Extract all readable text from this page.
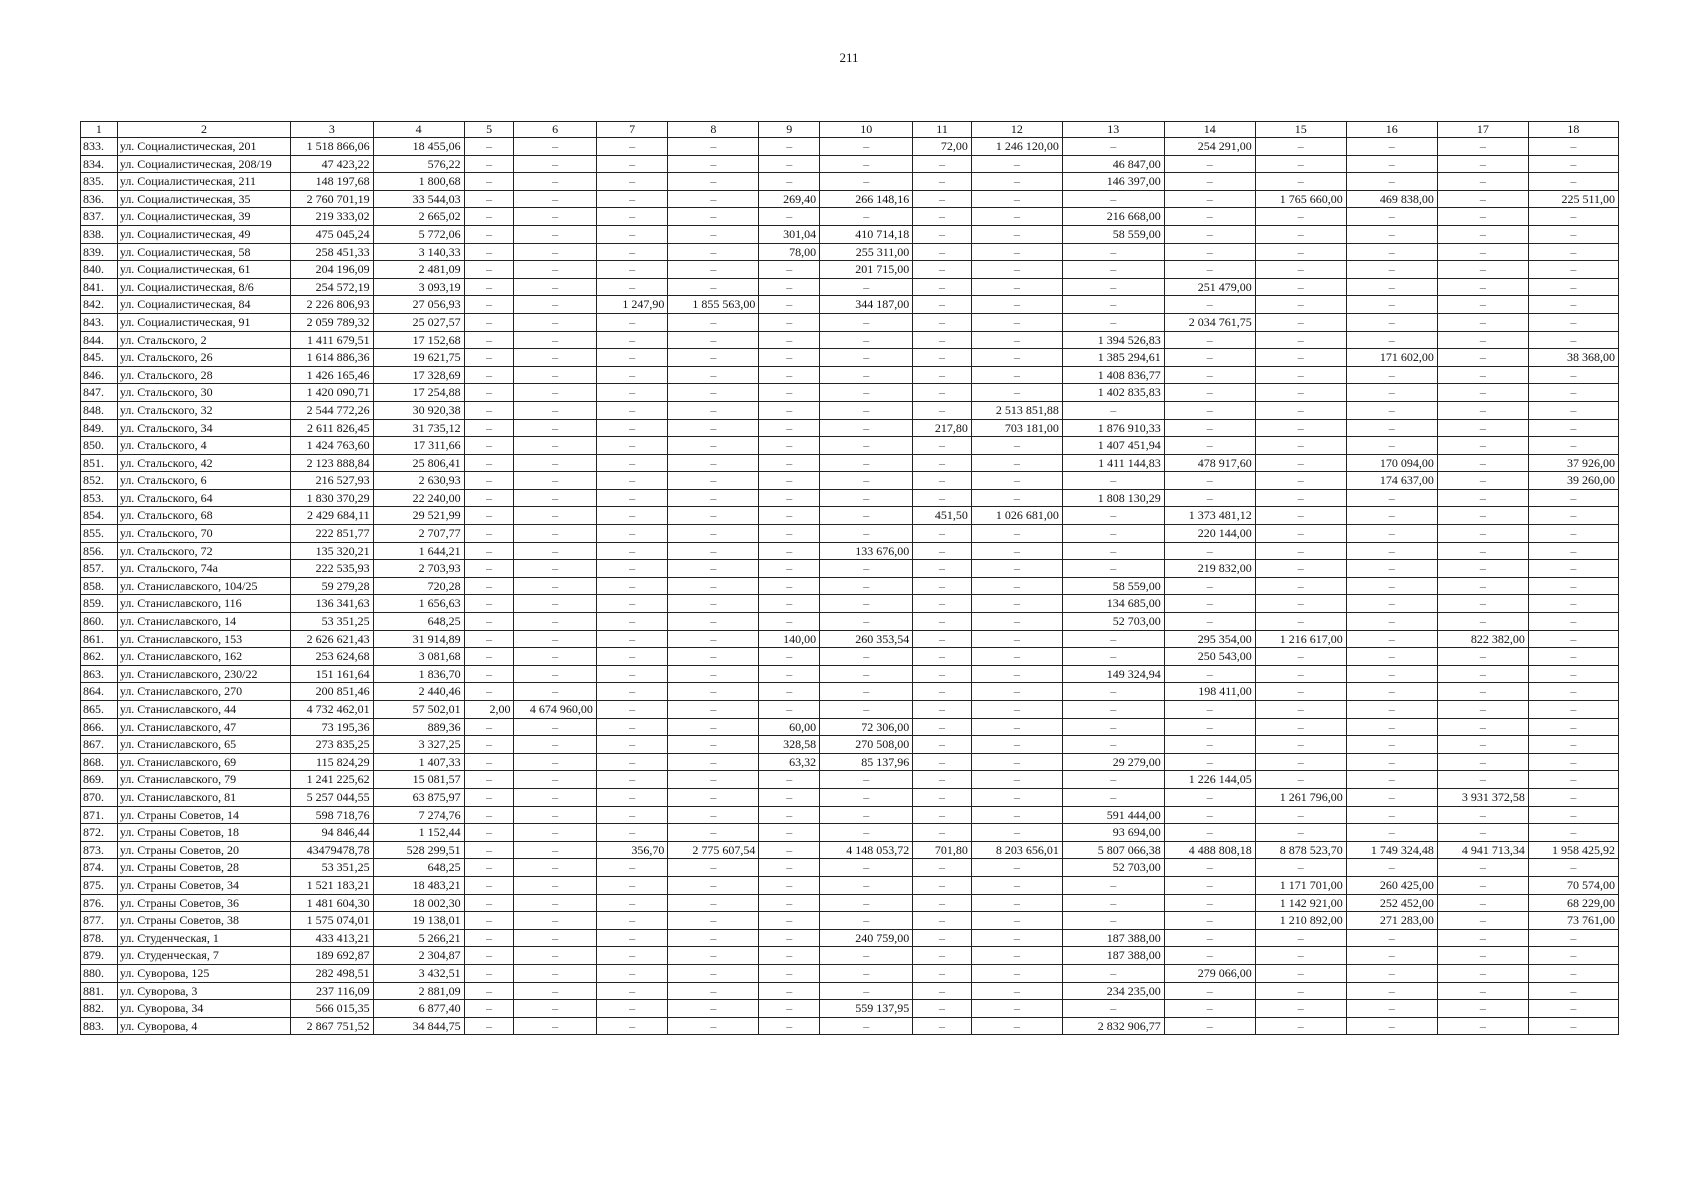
211
1	2	3	4	5	6	7	8	9	10	11	12	13	14	15	16	17	18
833.	ул. Социалистическая, 201	1 518 866,06	18 455,06	–	–	–	–	–	–	72,00	1 246 120,00	–	254 291,00	–	–	–	–
834.	ул. Социалистическая, 208/19	47 423,22	576,22	–	–	–	–	–	–	–	–	46 847,00	–	–	–	–	–
835.	ул. Социалистическая, 211	148 197,68	1 800,68	–	–	–	–	–	–	–	–	146 397,00	–	–	–	–	–
836.	ул. Социалистическая, 35	2 760 701,19	33 544,03	–	–	–	–	269,40	266 148,16	–	–	–	–	1 765 660,00	469 838,00	–	225 511,00
837.	ул. Социалистическая, 39	219 333,02	2 665,02	–	–	–	–	–	–	–	–	216 668,00	–	–	–	–	–
838.	ул. Социалистическая, 49	475 045,24	5 772,06	–	–	–	–	301,04	410 714,18	–	–	58 559,00	–	–	–	–	–
839.	ул. Социалистическая, 58	258 451,33	3 140,33	–	–	–	–	78,00	255 311,00	–	–	–	–	–	–	–	–
840.	ул. Социалистическая, 61	204 196,09	2 481,09	–	–	–	–	–	201 715,00	–	–	–	–	–	–	–	–
841.	ул. Социалистическая, 8/6	254 572,19	3 093,19	–	–	–	–	–	–	–	–	–	251 479,00	–	–	–	–
842.	ул. Социалистическая, 84	2 226 806,93	27 056,93	–	–	1 247,90	1 855 563,00	–	344 187,00	–	–	–	–	–	–	–	–
843.	ул. Социалистическая, 91	2 059 789,32	25 027,57	–	–	–	–	–	–	–	–	–	2 034 761,75	–	–	–	–
844.	ул. Стальского, 2	1 411 679,51	17 152,68	–	–	–	–	–	–	–	–	1 394 526,83	–	–	–	–	–
845.	ул. Стальского, 26	1 614 886,36	19 621,75	–	–	–	–	–	–	–	–	1 385 294,61	–	–	171 602,00	–	38 368,00
846.	ул. Стальского, 28	1 426 165,46	17 328,69	–	–	–	–	–	–	–	–	1 408 836,77	–	–	–	–	–
847.	ул. Стальского, 30	1 420 090,71	17 254,88	–	–	–	–	–	–	–	–	1 402 835,83	–	–	–	–	–
848.	ул. Стальского, 32	2 544 772,26	30 920,38	–	–	–	–	–	–	–	2 513 851,88	–	–	–	–	–	–
849.	ул. Стальского, 34	2 611 826,45	31 735,12	–	–	–	–	–	–	217,80	703 181,00	1 876 910,33	–	–	–	–	–
850.	ул. Стальского, 4	1 424 763,60	17 311,66	–	–	–	–	–	–	–	–	1 407 451,94	–	–	–	–	–
851.	ул. Стальского, 42	2 123 888,84	25 806,41	–	–	–	–	–	–	–	–	1 411 144,83	478 917,60	–	170 094,00	–	37 926,00
852.	ул. Стальского, 6	216 527,93	2 630,93	–	–	–	–	–	–	–	–	–	–	–	174 637,00	–	39 260,00
853.	ул. Стальского, 64	1 830 370,29	22 240,00	–	–	–	–	–	–	–	–	1 808 130,29	–	–	–	–	–
854.	ул. Стальского, 68	2 429 684,11	29 521,99	–	–	–	–	–	–	451,50	1 026 681,00	–	1 373 481,12	–	–	–	–
855.	ул. Стальского, 70	222 851,77	2 707,77	–	–	–	–	–	–	–	–	–	220 144,00	–	–	–	–
856.	ул. Стальского, 72	135 320,21	1 644,21	–	–	–	–	–	133 676,00	–	–	–	–	–	–	–	–
857.	ул. Стальского, 74а	222 535,93	2 703,93	–	–	–	–	–	–	–	–	–	219 832,00	–	–	–	–
858.	ул. Станиславского, 104/25	59 279,28	720,28	–	–	–	–	–	–	–	–	58 559,00	–	–	–	–	–
859.	ул. Станиславского, 116	136 341,63	1 656,63	–	–	–	–	–	–	–	–	134 685,00	–	–	–	–	–
860.	ул. Станиславского, 14	53 351,25	648,25	–	–	–	–	–	–	–	–	52 703,00	–	–	–	–	–
861.	ул. Станиславского, 153	2 626 621,43	31 914,89	–	–	–	–	140,00	260 353,54	–	–	–	295 354,00	1 216 617,00	–	822 382,00	–
862.	ул. Станиславского, 162	253 624,68	3 081,68	–	–	–	–	–	–	–	–	–	250 543,00	–	–	–	–
863.	ул. Станиславского, 230/22	151 161,64	1 836,70	–	–	–	–	–	–	–	–	149 324,94	–	–	–	–	–
864.	ул. Станиславского, 270	200 851,46	2 440,46	–	–	–	–	–	–	–	–	–	198 411,00	–	–	–	–
865.	ул. Станиславского, 44	4 732 462,01	57 502,01	2,00	4 674 960,00	–	–	–	–	–	–	–	–	–	–	–	–
866.	ул. Станиславского, 47	73 195,36	889,36	–	–	–	–	60,00	72 306,00	–	–	–	–	–	–	–	–
867.	ул. Станиславского, 65	273 835,25	3 327,25	–	–	–	–	328,58	270 508,00	–	–	–	–	–	–	–	–
868.	ул. Станиславского, 69	115 824,29	1 407,33	–	–	–	–	63,32	85 137,96	–	–	29 279,00	–	–	–	–	–
869.	ул. Станиславского, 79	1 241 225,62	15 081,57	–	–	–	–	–	–	–	–	–	1 226 144,05	–	–	–	–
870.	ул. Станиславского, 81	5 257 044,55	63 875,97	–	–	–	–	–	–	–	–	–	–	1 261 796,00	–	3 931 372,58	–
871.	ул. Страны Советов, 14	598 718,76	7 274,76	–	–	–	–	–	–	–	–	591 444,00	–	–	–	–	–
872.	ул. Страны Советов, 18	94 846,44	1 152,44	–	–	–	–	–	–	–	–	93 694,00	–	–	–	–	–
873.	ул. Страны Советов, 20	43479478,78	528 299,51	–	–	356,70	2 775 607,54	–	4 148 053,72	701,80	8 203 656,01	5 807 066,38	4 488 808,18	8 878 523,70	1 749 324,48	4 941 713,34	1 958 425,92
874.	ул. Страны Советов, 28	53 351,25	648,25	–	–	–	–	–	–	–	–	52 703,00	–	–	–	–	–
875.	ул. Страны Советов, 34	1 521 183,21	18 483,21	–	–	–	–	–	–	–	–	–	–	1 171 701,00	260 425,00	–	70 574,00
876.	ул. Страны Советов, 36	1 481 604,30	18 002,30	–	–	–	–	–	–	–	–	–	–	1 142 921,00	252 452,00	–	68 229,00
877.	ул. Страны Советов, 38	1 575 074,01	19 138,01	–	–	–	–	–	–	–	–	–	–	1 210 892,00	271 283,00	–	73 761,00
878.	ул. Студенческая, 1	433 413,21	5 266,21	–	–	–	–	–	240 759,00	–	–	187 388,00	–	–	–	–	–
879.	ул. Студенческая, 7	189 692,87	2 304,87	–	–	–	–	–	–	–	–	187 388,00	–	–	–	–	–
880.	ул. Суворова, 125	282 498,51	3 432,51	–	–	–	–	–	–	–	–	–	279 066,00	–	–	–	–
881.	ул. Суворова, 3	237 116,09	2 881,09	–	–	–	–	–	–	–	–	234 235,00	–	–	–	–	–
882.	ул. Суворова, 34	566 015,35	6 877,40	–	–	–	–	–	559 137,95	–	–	–	–	–	–	–	–
883.	ул. Суворова, 4	2 867 751,52	34 844,75	–	–	–	–	–	–	–	–	2 832 906,77	–	–	–	–	–
